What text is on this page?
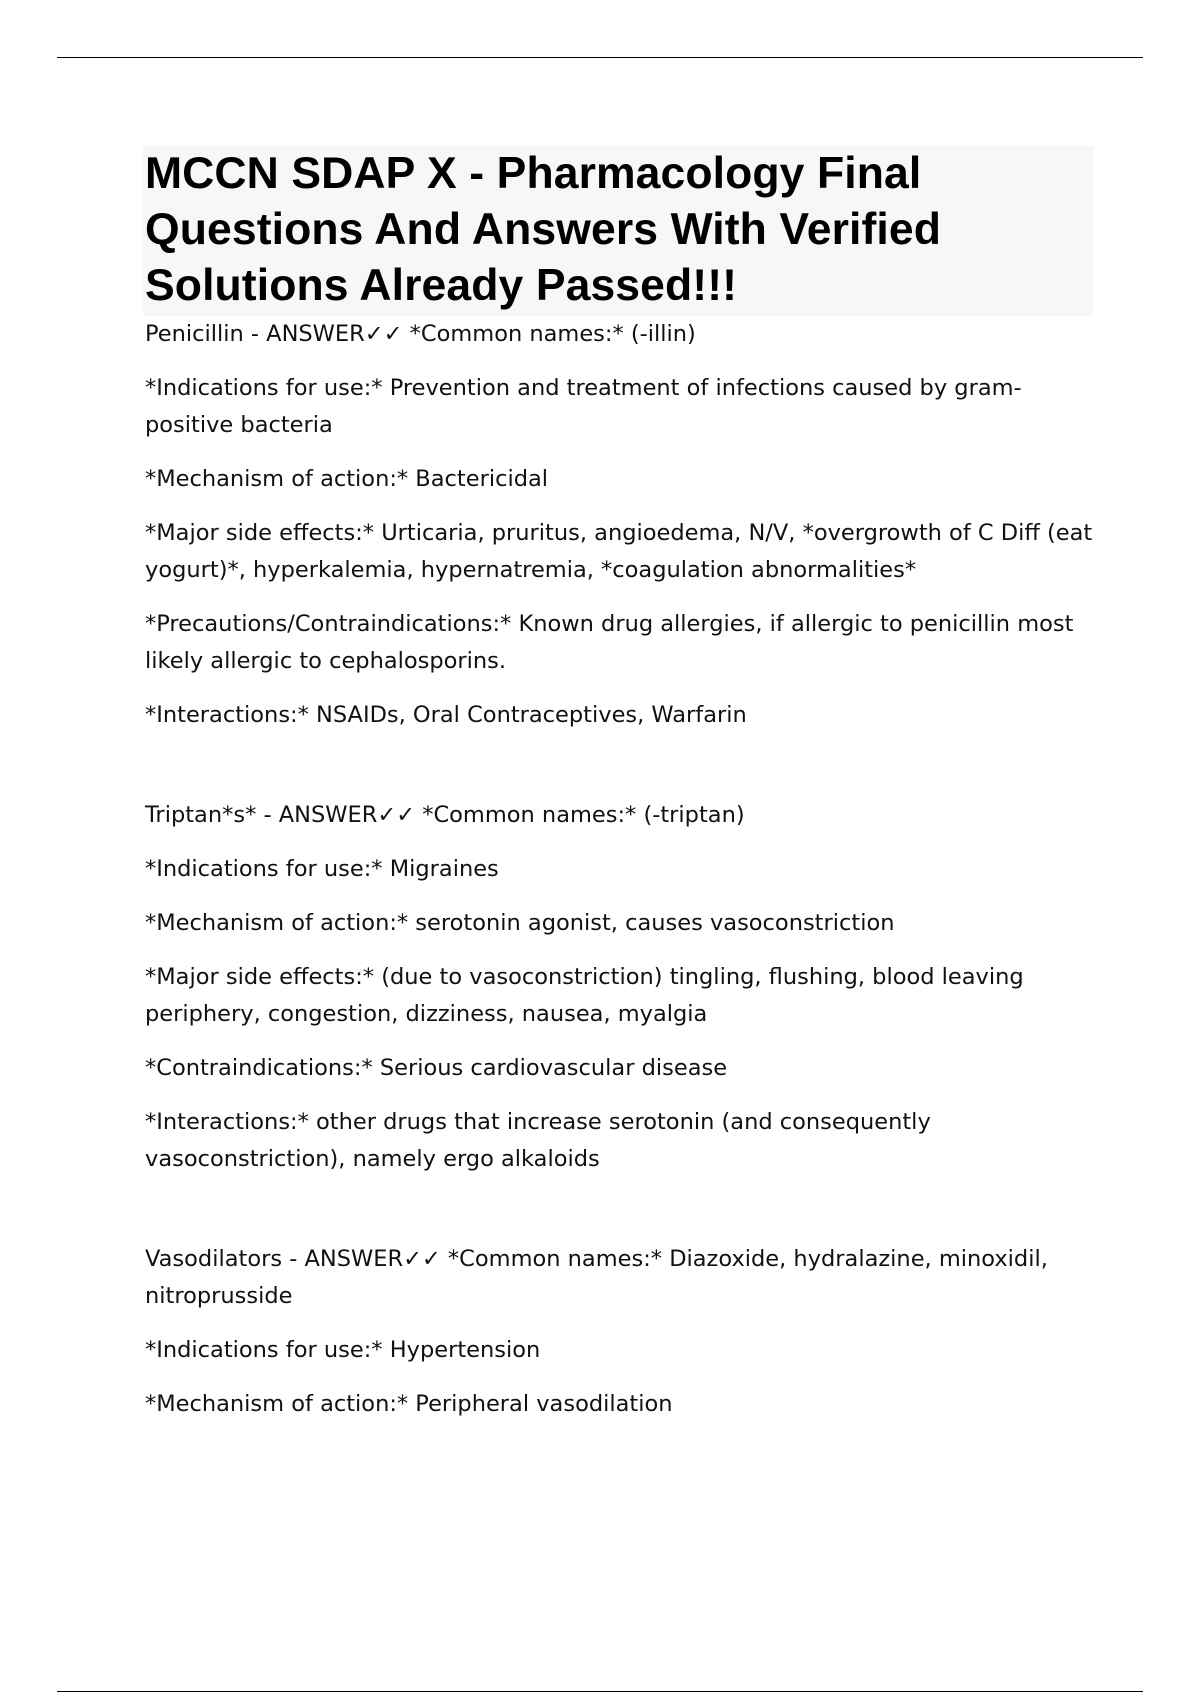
MCCN SDAP X - Pharmacology Final Questions And Answers With Verified Solutions Already Passed!!!

Penicillin - ANSWER✓✓ *Common names:* (-illin)

*Indications for use:* Prevention and treatment of infections caused by gram-positive bacteria

*Mechanism of action:* Bactericidal

*Major side effects:* Urticaria, pruritus, angioedema, N/V, *overgrowth of C Diff (eat yogurt)*, hyperkalemia, hypernatremia, *coagulation abnormalities*

*Precautions/Contraindications:* Known drug allergies, if allergic to penicillin most likely allergic to cephalosporins.

*Interactions:* NSAIDs, Oral Contraceptives, Warfarin

Triptan*s* - ANSWER✓✓ *Common names:* (-triptan)

*Indications for use:* Migraines

*Mechanism of action:* serotonin agonist, causes vasoconstriction

*Major side effects:* (due to vasoconstriction) tingling, flushing, blood leaving periphery, congestion, dizziness, nausea, myalgia

*Contraindications:* Serious cardiovascular disease

*Interactions:* other drugs that increase serotonin (and consequently vasoconstriction), namely ergo alkaloids

Vasodilators - ANSWER✓✓ *Common names:* Diazoxide, hydralazine, minoxidil, nitroprusside

*Indications for use:* Hypertension

*Mechanism of action:* Peripheral vasodilation
